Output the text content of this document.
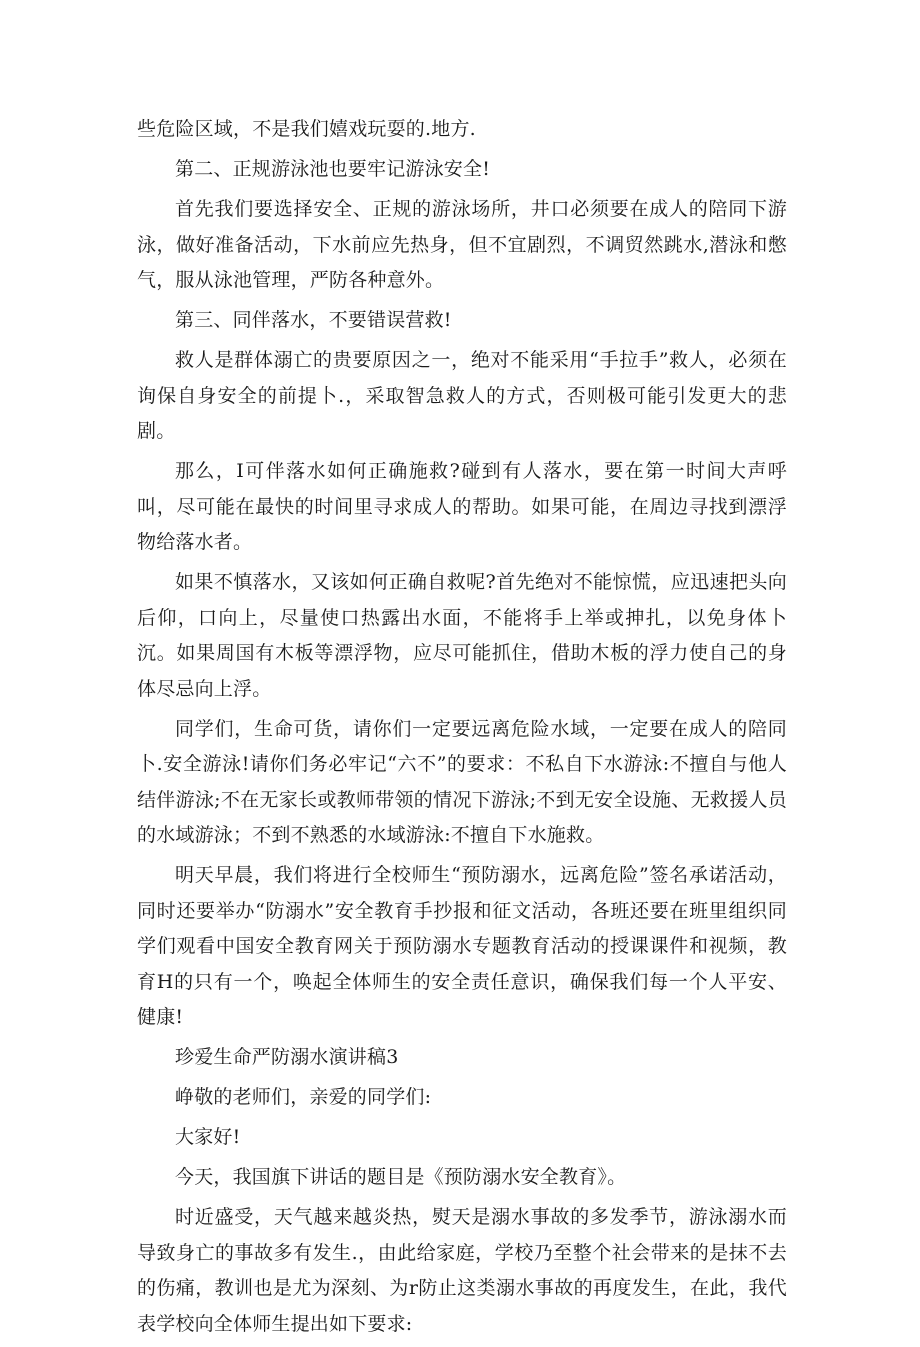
些危险区域，不是我们嬉戏玩耍的.地方.

第二、正规游泳池也要牢记游泳安全!

首先我们要选择安全、正规的游泳场所，井口必须要在成人的陪同下游泳，做好准备活动，下水前应先热身，但不宜剧烈，不调贸然跳水,潜泳和憋气，服从泳池管理，严防各种意外。

第三、同伴落水，不要错误营救!

救人是群体溺亡的贵要原因之一，绝对不能采用“手拉手”救人，必须在询保自身安全的前提卜.，采取智急救人的方式，否则极可能引发更大的悲剧。

那么，I可伴落水如何正确施救?碰到有人落水，要在第一时间大声呼叫，尽可能在最快的时间里寻求成人的帮助。如果可能，在周边寻找到漂浮物给落水者。

如果不慎落水，又该如何正确自救呢?首先绝对不能惊慌，应迅速把头向后仰，口向上，尽量使口热露出水面，不能将手上举或抻扎，以免身体卜沉。如果周国有木板等漂浮物，应尽可能抓住，借助木板的浮力使自己的身体尽忌向上浮。

同学们，生命可货，请你们一定要远离危险水域，一定要在成人的陪同卜.安全游泳!请你们务必牢记“六不”的要求：不私自下水游泳:不擅自与他人结伴游泳;不在无家长或教师带领的情况下游泳;不到无安全设施、无救援人员的水域游泳；不到不熟悉的水域游泳:不擅自下水施救。

明天早晨，我们将进行全校师生“预防溺水，远离危险”签名承诺活动，同时还要举办“防溺水”安全教育手抄报和征文活动，各班还要在班里组织同学们观看中国安全教育网关于预防溺水专题教育活动的授课课件和视频，教育H的只有一个，唤起全体师生的安全责任意识，确保我们每一个人平安、健康!

珍爱生命严防溺水演讲稿3

峥敬的老师们，亲爱的同学们:

大家好!

今天，我国旗下讲话的题目是《预防溺水安全教育》。

时近盛受，天气越来越炎热，熨天是溺水事故的多发季节，游泳溺水而导致身亡的事故多有发生.，由此给家庭，学校乃至整个社会带来的是抹不去的伤痛，教训也是尤为深刻、为r防止这类溺水事故的再度发生，在此，我代表学校向全体师生提出如下要求:
